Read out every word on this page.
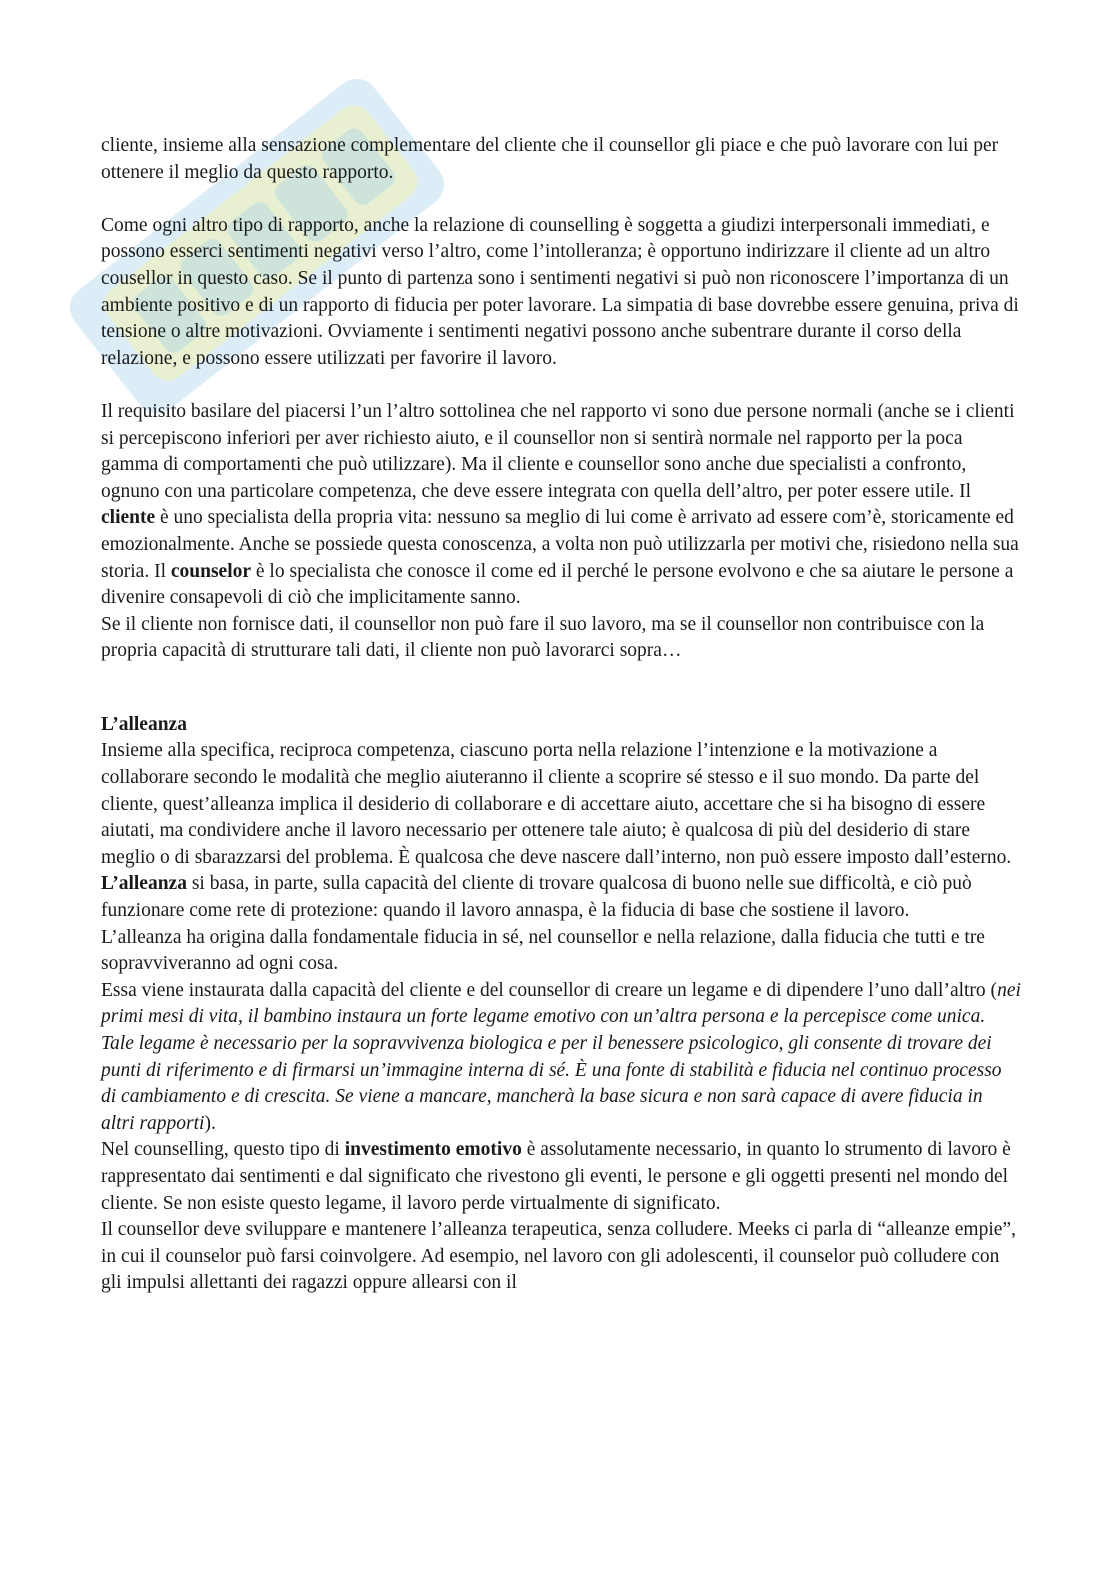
cliente, insieme alla sensazione complementare del cliente che il counsellor gli piace e che può lavorare con lui per ottenere il meglio da questo rapporto.

Come ogni altro tipo di rapporto, anche la relazione di counselling è soggetta a giudizi interpersonali immediati, e possono esserci sentimenti negativi verso l’altro, come l’intolleranza; è opportuno indirizzare il cliente ad un altro cousellor in questo caso. Se il punto di partenza sono i sentimenti negativi si può non riconoscere l’importanza di un ambiente positivo e di un rapporto di fiducia per poter lavorare. La simpatia di base dovrebbe essere genuina, priva di tensione o altre motivazioni. Ovviamente i sentimenti negativi possono anche subentrare durante il corso della relazione, e possono essere utilizzati per favorire il lavoro.

Il requisito basilare del piacersi l’un l’altro sottolinea che nel rapporto vi sono due persone normali (anche se i clienti si percepiscono inferiori per aver richiesto aiuto, e il counsellor non si sentirà normale nel rapporto per la poca gamma di comportamenti che può utilizzare). Ma il cliente e counsellor sono anche due specialisti a confronto, ognuno con una particolare competenza, che deve essere integrata con quella dell’altro, per poter essere utile. Il cliente è uno specialista della propria vita: nessuno sa meglio di lui come è arrivato ad essere com’è, storicamente ed emozionalmente. Anche se possiede questa conoscenza, a volta non può utilizzarla per motivi che, risiedono nella sua storia. Il counselor è lo specialista che conosce il come ed il perché le persone evolvono e che sa aiutare le persone a divenire consapevoli di ciò che implicitamente sanno.

Se il cliente non fornisce dati, il counsellor non può fare il suo lavoro, ma se il counsellor non contribuisce con la propria capacità di strutturare tali dati, il cliente non può lavorarci sopra…

L’alleanza

Insieme alla specifica, reciproca competenza, ciascuno porta nella relazione l’intenzione e la motivazione a collaborare secondo le modalità che meglio aiuteranno il cliente a scoprire sé stesso e il suo mondo. Da parte del cliente, quest’alleanza implica il desiderio di collaborare e di accettare aiuto, accettare che si ha bisogno di essere aiutati, ma condividere anche il lavoro necessario per ottenere tale aiuto; è qualcosa di più del desiderio di stare meglio o di sbarazzarsi del problema. È qualcosa che deve nascere dall’interno, non può essere imposto dall’esterno. L’alleanza si basa, in parte, sulla capacità del cliente di trovare qualcosa di buono nelle sue difficoltà, e ciò può funzionare come rete di protezione: quando il lavoro annaspa, è la fiducia di base che sostiene il lavoro.

L’alleanza ha origina dalla fondamentale fiducia in sé, nel counsellor e nella relazione, dalla fiducia che tutti e tre sopravviveranno ad ogni cosa.

Essa viene instaurata dalla capacità del cliente e del counsellor di creare un legame e di dipendere l’uno dall’altro (nei primi mesi di vita, il bambino instaura un forte legame emotivo con un’altra persona e la percepisce come unica. Tale legame è necessario per la sopravvivenza biologica e per il benessere psicologico, gli consente di trovare dei punti di riferimento e di firmarsi un’immagine interna di sé. È una fonte di stabilità e fiducia nel continuo processo di cambiamento e di crescita. Se viene a mancare, mancherà la base sicura e non sarà capace di avere fiducia in altri rapporti).

Nel counselling, questo tipo di investimento emotivo è assolutamente necessario, in quanto lo strumento di lavoro è rappresentato dai sentimenti e dal significato che rivestono gli eventi, le persone e gli oggetti presenti nel mondo del cliente. Se non esiste questo legame, il lavoro perde virtualmente di significato.

Il counsellor deve sviluppare e mantenere l’alleanza terapeutica, senza colludere. Meeks ci parla di “alleanze empie”, in cui il counselor può farsi coinvolgere. Ad esempio, nel lavoro con gli adolescenti, il counselor può colludere con gli impulsi allettanti dei ragazzi oppure allearsi con il
